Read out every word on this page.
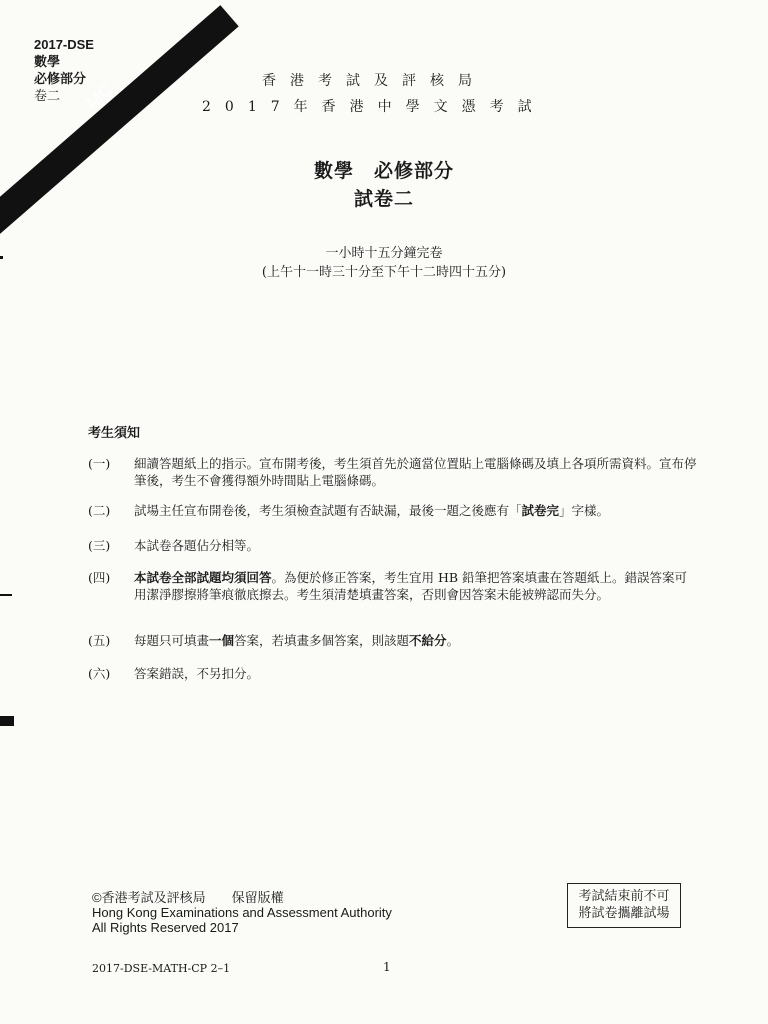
MC
2017-DSE
數學
必修部分
卷二
香港考試及評核局
2017年香港中學文憑考試
數學　必修部分
試卷二
一小時十五分鐘完卷
(上午十一時三十分至下午十二時四十五分)
考生須知
(一)	細讀答題紙上的指示。宣布開考後，考生須首先於適當位置貼上電腦條碼及填上各項所需資料。宣布停筆後，考生不會獲得額外時間貼上電腦條碼。
(二)	試場主任宣布開卷後，考生須檢查試題有否缺漏，最後一題之後應有「試卷完」字樣。
(三)	本試卷各題佔分相等。
(四)	本試卷全部試題均須回答。為便於修正答案，考生宜用 HB 鉛筆把答案填畫在答題紙上。錯誤答案可用潔淨膠擦將筆痕徹底擦去。考生須清楚填畫答案，否則會因答案未能被辨認而失分。
(五)	每題只可填畫一個答案，若填畫多個答案，則該題不給分。
(六)	答案錯誤，不另扣分。
©香港考試及評核局 保留版權
Hong Kong Examinations and Assessment Authority
All Rights Reserved 2017
考試結束前不可
將試卷攜離試場
2017-DSE-MATH-CP 2–1	1
